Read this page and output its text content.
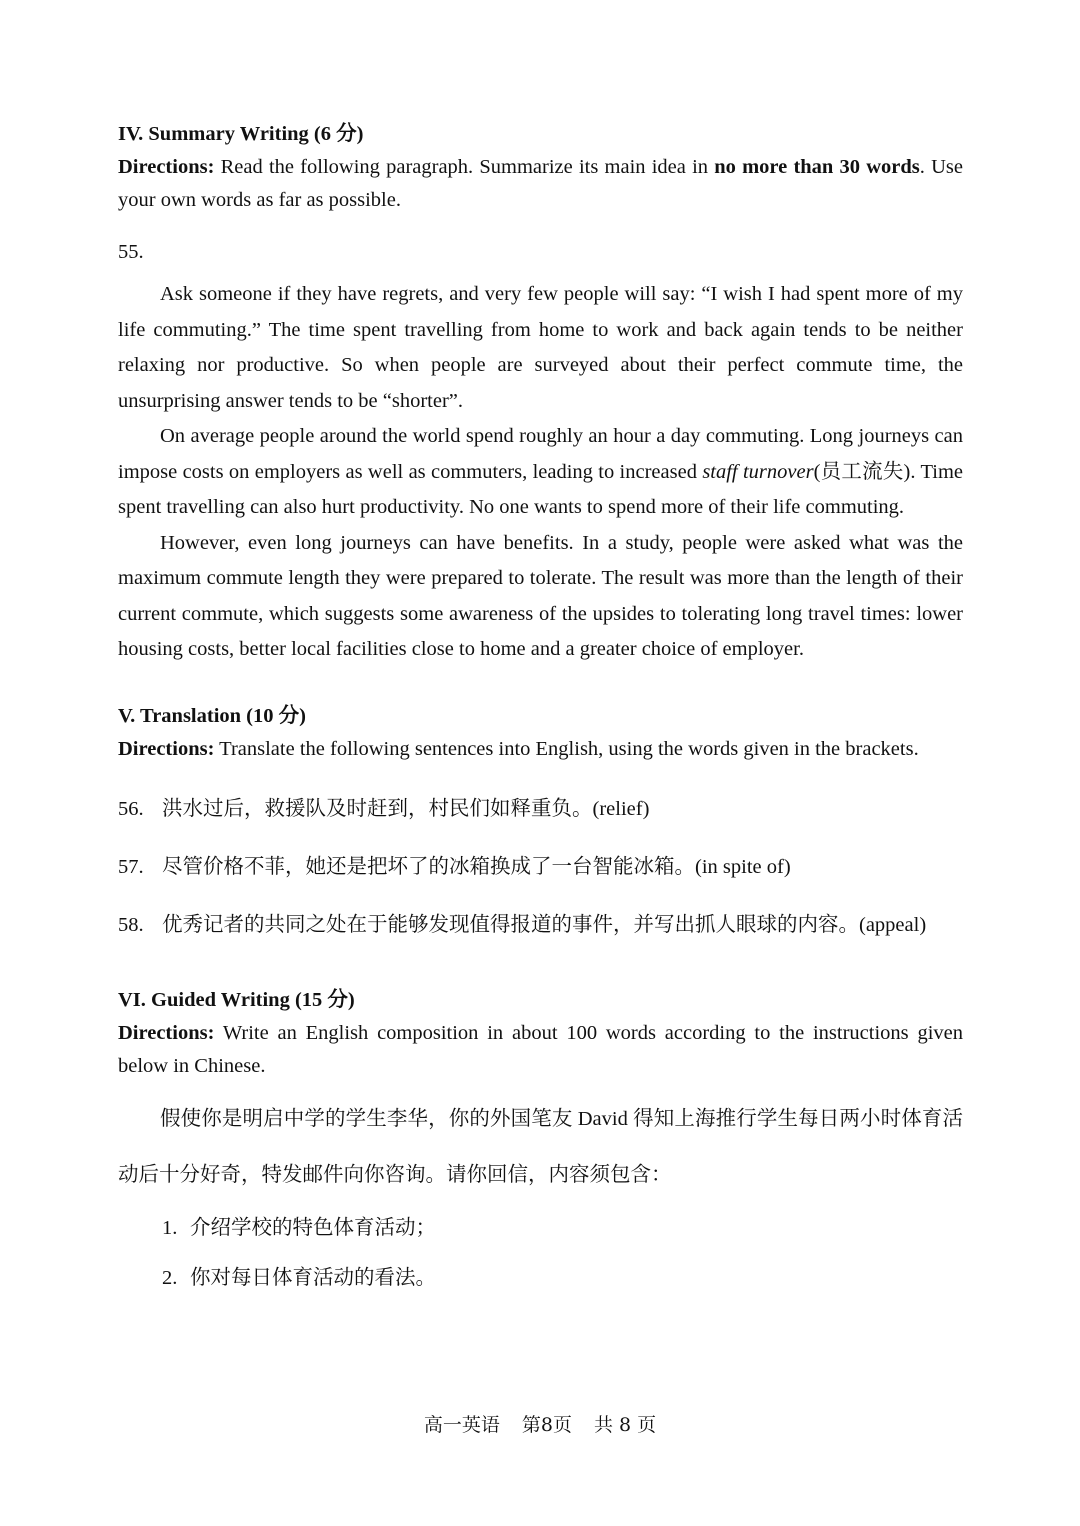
IV. Summary Writing (6 分)

Directions: Read the following paragraph. Summarize its main idea in no more than 30 words. Use your own words as far as possible.

55.

Ask someone if they have regrets, and very few people will say: “I wish I had spent more of my life commuting.” The time spent travelling from home to work and back again tends to be neither relaxing nor productive. So when people are surveyed about their perfect commute time, the unsurprising answer tends to be “shorter”.

On average people around the world spend roughly an hour a day commuting. Long journeys can impose costs on employers as well as commuters, leading to increased staff turnover(员工流失). Time spent travelling can also hurt productivity. No one wants to spend more of their life commuting.

However, even long journeys can have benefits. In a study, people were asked what was the maximum commute length they were prepared to tolerate. The result was more than the length of their current commute, which suggests some awareness of the upsides to tolerating long travel times: lower housing costs, better local facilities close to home and a greater choice of employer.

V. Translation (10 分)

Directions: Translate the following sentences into English, using the words given in the brackets.

56. 洪水过后，救援队及时赶到，村民们如释重负。(relief)

57. 尽管价格不菲，她还是把坏了的冰箱换成了一台智能冰箱。(in spite of)

58. 优秀记者的共同之处在于能够发现值得报道的事件，并写出抓人眼球的内容。(appeal)

VI. Guided Writing (15 分)

Directions: Write an English composition in about 100 words according to the instructions given below in Chinese.

假使你是明启中学的学生李华，你的外国笔友 David 得知上海推行学生每日两小时体育活动后十分好奇，特发邮件向你咨询。请你回信，内容须包含：

1. 介绍学校的特色体育活动；
2. 你对每日体育活动的看法。
高一英语 第8页 共 8 页
